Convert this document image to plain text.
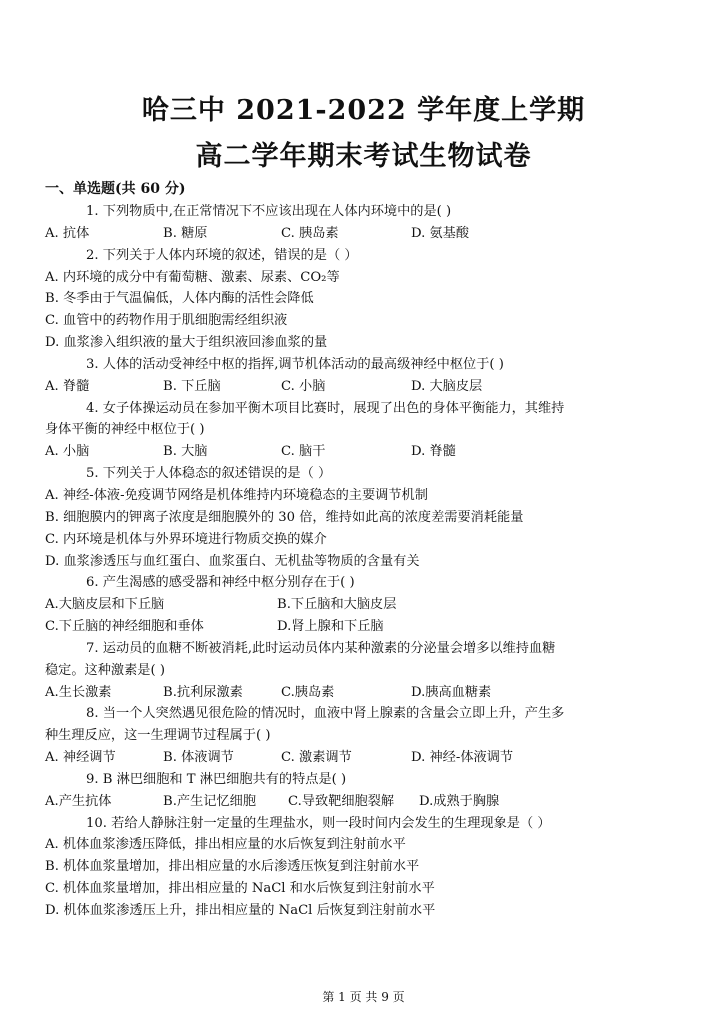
哈三中 2021-2022 学年度上学期
高二学年期末考试生物试卷
一、单选题(共 60 分)
1. 下列物质中,在正常情况下不应该出现在人体内环境中的是( )
A. 抗体	B. 糖原	C. 胰岛素	D. 氨基酸
2. 下列关于人体内环境的叙述，错误的是（ ）
A. 内环境的成分中有葡萄糖、激素、尿素、CO₂等
B. 冬季由于气温偏低，人体内酶的活性会降低
C. 血管中的药物作用于肌细胞需经组织液
D. 血浆渗入组织液的量大于组织液回渗血浆的量
3. 人体的活动受神经中枢的指挥,调节机体活动的最高级神经中枢位于( )
A. 脊髓	B. 下丘脑	C. 小脑	D. 大脑皮层
4. 女子体操运动员在参加平衡木项目比赛时，展现了出色的身体平衡能力，其维持
身体平衡的神经中枢位于( )
A. 小脑	B. 大脑	C. 脑干	D. 脊髓
5. 下列关于人体稳态的叙述错误的是（ ）
A. 神经-体液-免疫调节网络是机体维持内环境稳态的主要调节机制
B. 细胞膜内的钾离子浓度是细胞膜外的 30 倍，维持如此高的浓度差需要消耗能量
C. 内环境是机体与外界环境进行物质交换的媒介
D. 血浆渗透压与血红蛋白、血浆蛋白、无机盐等物质的含量有关
6. 产生渴感的感受器和神经中枢分别存在于( )
A.大脑皮层和下丘脑	B.下丘脑和大脑皮层
C.下丘脑的神经细胞和垂体	D.肾上腺和下丘脑
7. 运动员的血糖不断被消耗,此时运动员体内某种激素的分泌量会增多以维持血糖
稳定。这种激素是( )
A.生长激素	B.抗利尿激素	C.胰岛素	D.胰高血糖素
8. 当一个人突然遇见很危险的情况时，血液中肾上腺素的含量会立即上升，产生多
种生理反应，这一生理调节过程属于( )
A. 神经调节	B. 体液调节	C. 激素调节	D. 神经-体液调节
9. B 淋巴细胞和 T 淋巴细胞共有的特点是( )
A.产生抗体	B.产生记忆细胞 C.导致靶细胞裂解 D.成熟于胸腺
10. 若给人静脉注射一定量的生理盐水，则一段时间内会发生的生理现象是（ ）
A. 机体血浆渗透压降低，排出相应量的水后恢复到注射前水平
B. 机体血浆量增加，排出相应量的水后渗透压恢复到注射前水平
C. 机体血浆量增加，排出相应量的 NaCl 和水后恢复到注射前水平
D. 机体血浆渗透压上升，排出相应量的 NaCl 后恢复到注射前水平
第 1 页 共 9 页
